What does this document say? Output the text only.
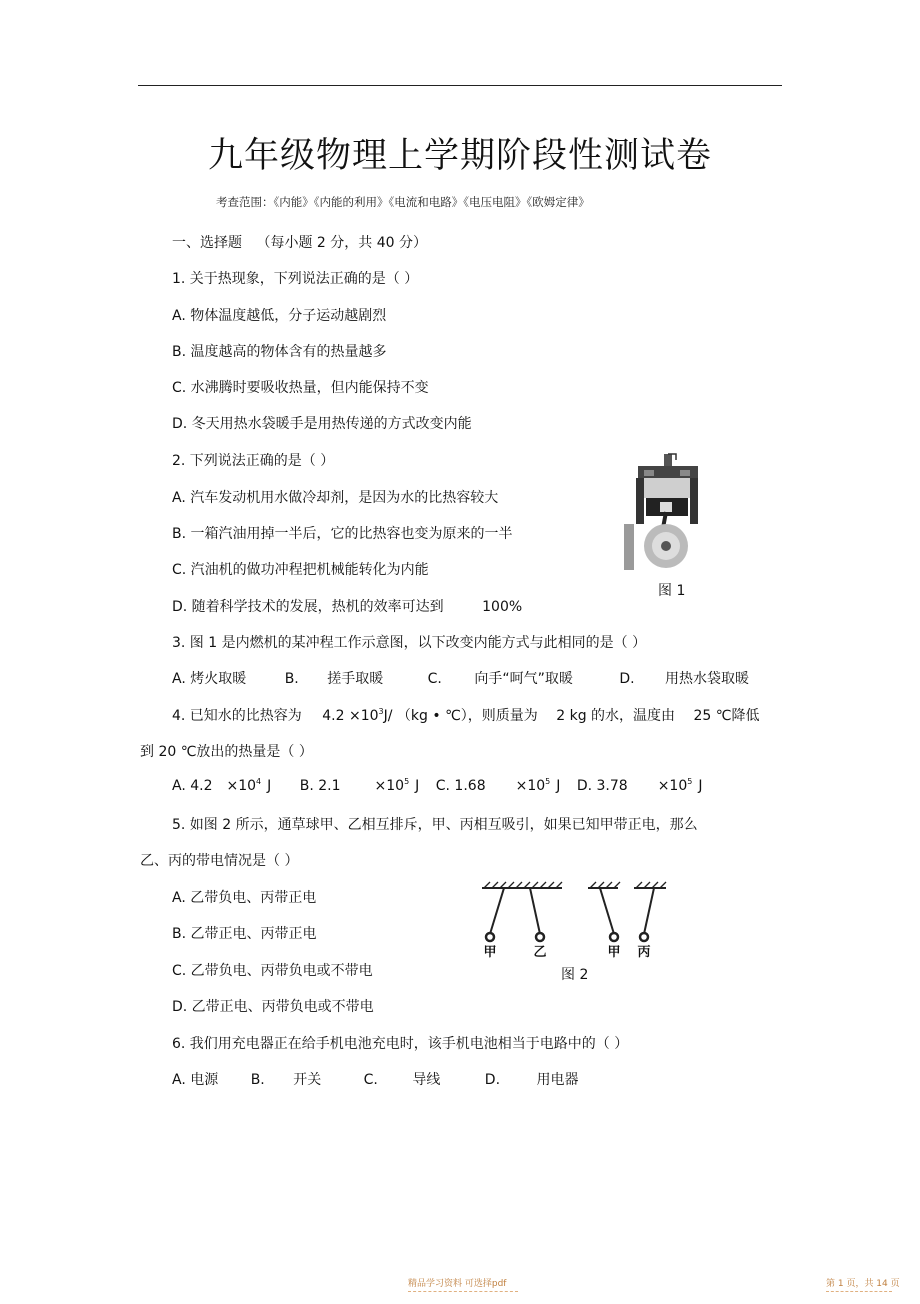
九年级物理上学期阶段性测试卷
考查范围：《内能》《内能的利用》《电流和电路》《电压电阻》《欧姆定律》
一、选择题 （每小题 2 分，共 40 分）
1. 关于热现象，下列说法正确的是（ ）
A. 物体温度越低，分子运动越剧烈
B. 温度越高的物体含有的热量越多
C. 水沸腾时要吸收热量，但内能保持不变
D. 冬天用热水袋暖手是用热传递的方式改变内能
2. 下列说法正确的是（ ）
A. 汽车发动机用水做冷却剂，是因为水的比热容较大
B. 一箱汽油用掉一半后，它的比热容也变为原来的一半
C. 汽油机的做功冲程把机械能转化为内能
D. 随着科学技术的发展，热机的效率可达到	100%
图 1
3. 图 1 是内燃机的某冲程工作示意图，以下改变内能方式与此相同的是（ ）
A. 烤火取暖	B. 搓手取暖	C. 向手“呵气”取暖	D. 用热水袋取暖
4. 已知水的比热容为 $4.2 \times 10^3J/$ （kg • ℃），则质量为 2 kg 的水，温度由 25 ℃降低
到 20 ℃放出的热量是（ ）
A. $4.2 \times 10^4$ J B. $2.1 \times 10^5$ J C. $1.68 \times 10^5$ J D. $3.78 \times 10^5$ J
5. 如图 2 所示，通草球甲、乙相互排斥，甲、丙相互吸引，如果已知甲带正电，那么
乙、丙的带电情况是（ ）
A. 乙带负电、丙带正电
B. 乙带正电、丙带正电
C. 乙带负电、丙带负电或不带电
D. 乙带正电、丙带负电或不带电
甲	乙	甲 丙
图 2
6. 我们用充电器正在给手机电池充电时，该手机电池相当于电路中的（ ）
A. 电源 B. 开关	C. 导线	D.	用电器
精品学习资料 可选择pdf	第 1 页，共 14 页
